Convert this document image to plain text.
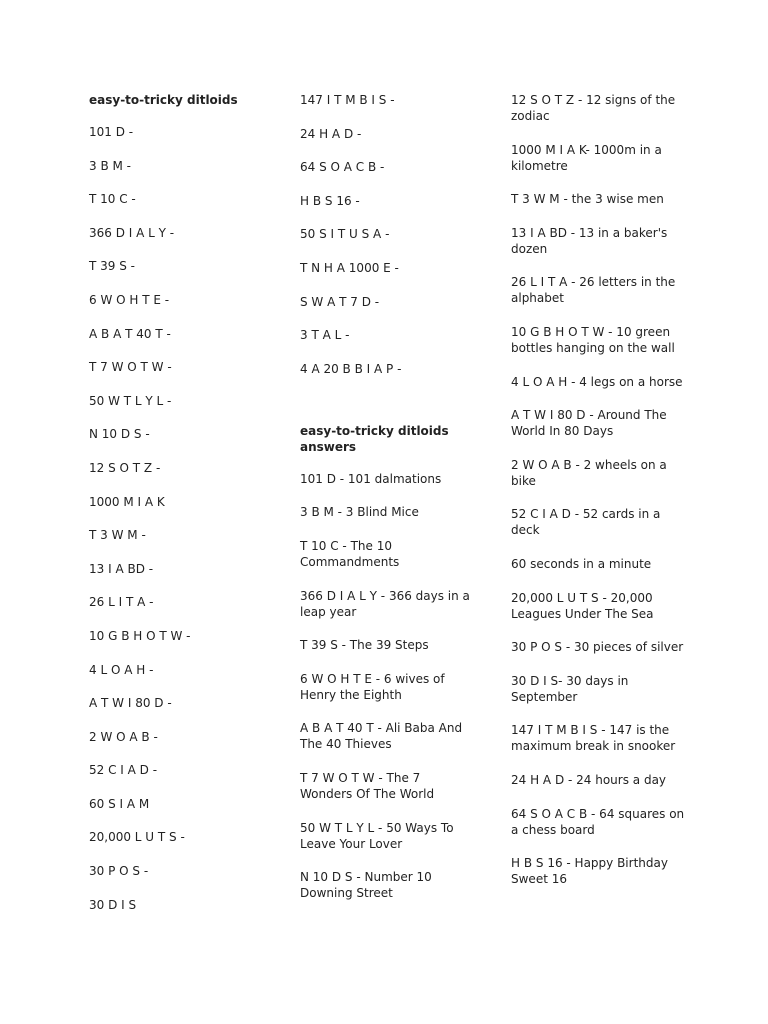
easy-to-tricky ditloids
101 D -
3 B M -
T 10 C -
366 D I A L Y -
T 39 S -
6 W O H T E -
A B A T 40 T -
T 7 W O T W -
50 W T L Y L -
N 10 D S -
12 S O T Z -
1000 M I A K
T 3 W M -
13 I A BD -
26 L I T A -
10 G B H O T W -
4 L O A H -
A T W I 80 D -
2 W O A B -
52 C I A D -
60 S I A M
20,000 L U T S -
30 P O S -
30 D I S
147 I T M B I S -
24 H A D -
64 S O A C B -
H B S 16 -
50 S I T U S A -
T N H A 1000 E -
S W A T 7 D -
3 T A L -
4 A 20 B B I A P -
easy-to-tricky ditloids answers
101 D - 101 dalmations
3 B M - 3 Blind Mice
T 10 C - The 10 Commandments
366 D I A L Y - 366 days in a leap year
T 39 S - The 39 Steps
6 W O H T E - 6 wives of Henry the Eighth
A B A T 40 T - Ali Baba And The 40 Thieves
T 7 W O T W - The 7 Wonders Of The World
50 W T L Y L - 50 Ways To Leave Your Lover
N 10 D S - Number 10 Downing Street
12 S O T Z - 12 signs of the zodiac
1000 M I A K- 1000m in a kilometre
T 3 W M - the 3 wise men
13 I A BD - 13 in a baker's dozen
26 L I T A - 26 letters in the alphabet
10 G B H O T W - 10 green bottles hanging on the wall
4 L O A H - 4 legs on a horse
A T W I 80 D - Around The World In 80 Days
2 W O A B - 2 wheels on a bike
52 C I A D - 52 cards in a deck
60 seconds in a minute
20,000 L U T S - 20,000 Leagues Under The Sea
30 P O S - 30 pieces of silver
30 D I S- 30 days in September
147 I T M B I S - 147 is the maximum break in snooker
24 H A D - 24 hours a day
64 S O A C B - 64 squares on a chess board
H B S 16 - Happy Birthday Sweet 16
